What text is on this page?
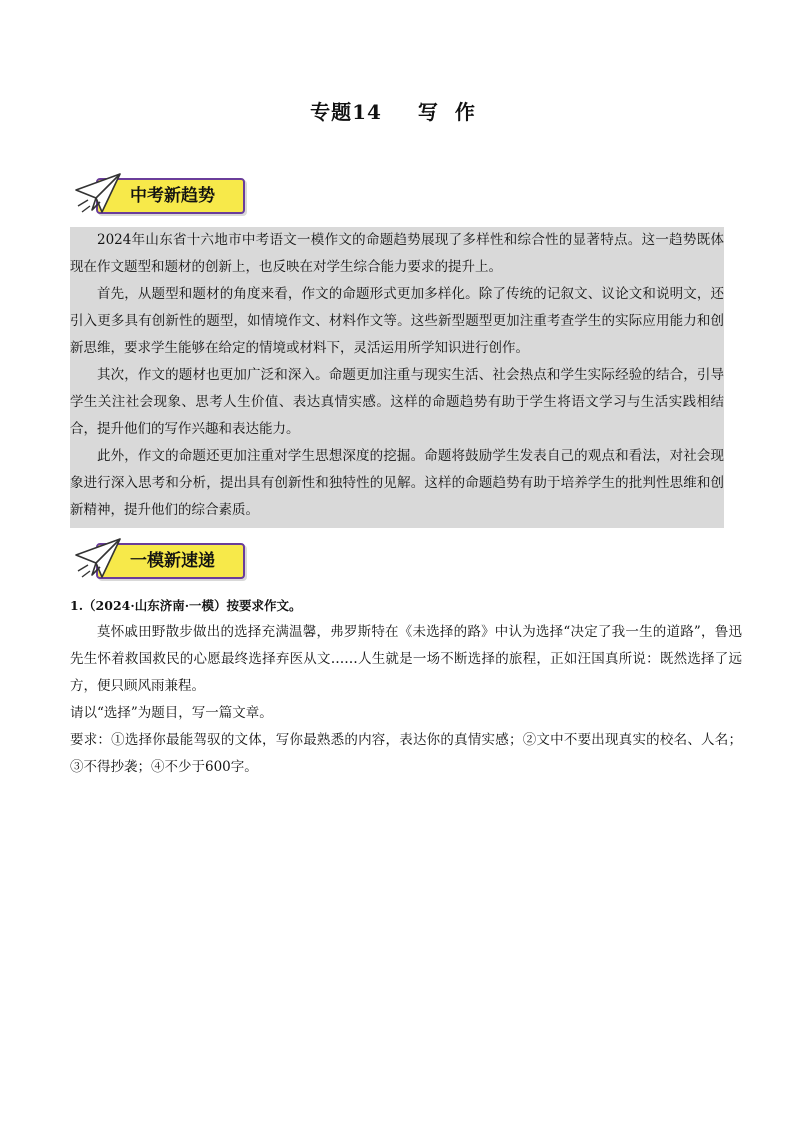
专题14 写 作
中考新趋势

2024年山东省十六地市中考语文一模作文的命题趋势展现了多样性和综合性的显著特点。这一趋势既体现在作文题型和题材的创新上，也反映在对学生综合能力要求的提升上。

首先，从题型和题材的角度来看，作文的命题形式更加多样化。除了传统的记叙文、议论文和说明文，还引入更多具有创新性的题型，如情境作文、材料作文等。这些新型题型更加注重考查学生的实际应用能力和创新思维，要求学生能够在给定的情境或材料下，灵活运用所学知识进行创作。

其次，作文的题材也更加广泛和深入。命题更加注重与现实生活、社会热点和学生实际经验的结合，引导学生关注社会现象、思考人生价值、表达真情实感。这样的命题趋势有助于学生将语文学习与生活实践相结合，提升他们的写作兴趣和表达能力。

此外，作文的命题还更加注重对学生思想深度的挖掘。命题将鼓励学生发表自己的观点和看法，对社会现象进行深入思考和分析，提出具有创新性和独特性的见解。这样的命题趋势有助于培养学生的批判性思维和创新精神，提升他们的综合素质。

一模新速递

1.（2024·山东济南·一模）按要求作文。

莫怀戚田野散步做出的选择充满温馨，弗罗斯特在《未选择的路》中认为选择“决定了我一生的道路”，鲁迅先生怀着救国救民的心愿最终选择弃医从文……人生就是一场不断选择的旅程，正如汪国真所说：既然选择了远方，便只顾风雨兼程。

请以“选择”为题目，写一篇文章。

要求：①选择你最能驾驭的文体，写你最熟悉的内容，表达你的真情实感；②文中不要出现真实的校名、人名；③不得抄袭；④不少于600字。
